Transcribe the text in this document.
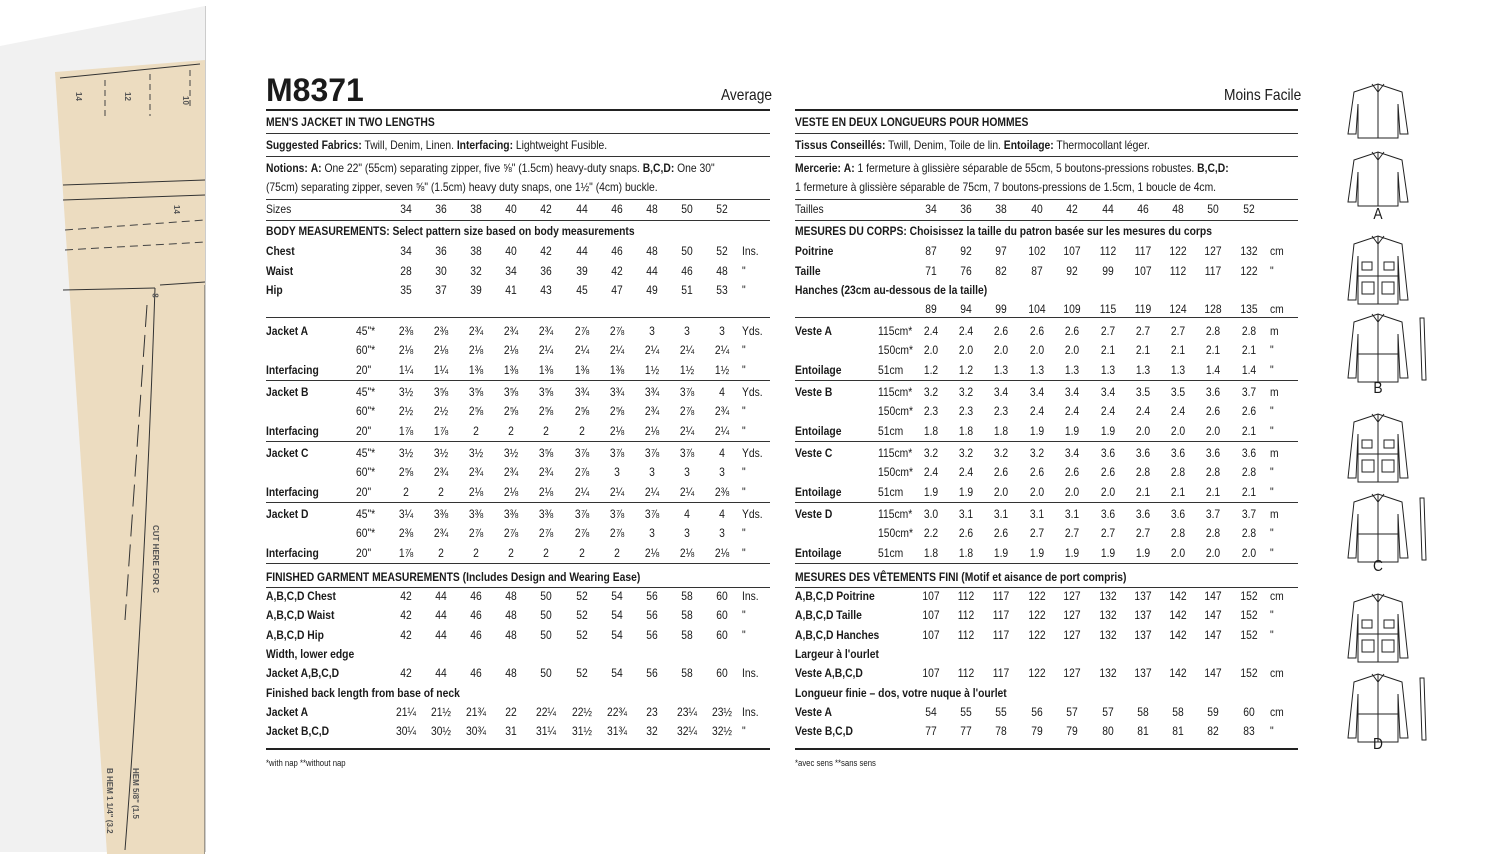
14	12	10
14
8
CUT HERE FOR C
B HEM 1 1/4" (3.2 HEM 5/8" (1.5
M8371	Average
MEN'S JACKET IN TWO LENGTHS
Suggested Fabrics: Twill, Denim, Linen. Interfacing: Lightweight Fusible.
Notions: A: One 22" (55cm) separating zipper, five ⅝" (1.5cm) heavy-duty snaps. B,C,D: One 30"
(75cm) separating zipper, seven ⅝" (1.5cm) heavy duty snaps, one 1½" (4cm) buckle.
Moins Facile
VESTE EN DEUX LONGUEURS POUR HOMMES
Tissus Conseillés: Twill, Denim, Toile de lin. Entoilage: Thermocollant léger.
Mercerie: A: 1 fermeture à glissière séparable de 55cm, 5 boutons-pressions robustes. B,C,D:
1 fermeture à glissière séparable de 75cm, 7 boutons-pressions de 1.5cm, 1 boucle de 4cm.
Sizes	34 36 38 40 42 44 46 48 50 52
BODY MEASUREMENTS: Select pattern size based on body measurements
Chest	34 36 38 40 42 44 46 48 50 52 Ins.
Waist	28 30 32 34 36 39 42 44 46 48 "
Hip	35 37 39 41 43 45 47 49 51 53 "
Jacket A	45"* 2⅜ 2⅜ 2¾ 2¾ 2¾ 2⅞ 2⅞ 3 3 3 Yds.
60"* 2⅛ 2⅛ 2⅛ 2⅛ 2¼ 2¼ 2¼ 2¼ 2¼ 2¼ "
Interfacing	20" 1¼ 1¼ 1⅜ 1⅜ 1⅜ 1⅜ 1⅜ 1½ 1½ 1½ "
Jacket B	45"* 3½ 3⅝ 3⅝ 3⅝ 3⅝ 3¾ 3¾ 3¾ 3⅞ 4 Yds.
60"* 2½ 2½ 2⅝ 2⅝ 2⅝ 2⅝ 2⅝ 2¾ 2⅞ 2¾ "
Interfacing	20" 1⅞ 1⅞ 2 2 2	2 2⅛ 2⅛ 2¼ 2¼ "
Jacket C	45"* 3½ 3½ 3½ 3½ 3⅝ 3⅞ 3⅞ 3⅞ 3⅞ 4 Yds.
60"* 2⅝ 2¾ 2¾ 2¾ 2¾ 2⅞ 3 3 3 3 "
Interfacing	20"	2 2 2⅛ 2⅛ 2⅛ 2¼ 2¼ 2¼ 2¼ 2⅜ "
Jacket D	45"* 3¼ 3⅜ 3⅜ 3⅜ 3⅜ 3⅞ 3⅞ 3⅞ 4 4 Yds.
60"* 2⅜ 2¾ 2⅞ 2⅞ 2⅞ 2⅞ 2⅞ 3 3 3 "
Interfacing	20" 1⅞ 2 2 2 2	2 2 2⅛ 2⅛ 2⅛ "
FINISHED GARMENT MEASUREMENTS (Includes Design and Wearing Ease)
A,B,C,D Chest	42 44 46 48 50 52 54 56 58 60 Ins.
A,B,C,D Waist	42 44 46 48 50 52 54 56 58 60 "
A,B,C,D Hip	42 44 46 48 50 52 54 56 58 60 "
Width, lower edge
Jacket A,B,C,D	42 44 46 48 50 52 54 56 58 60 Ins.
Finished back length from base of neck
Jacket A	21¼ 21½ 21¾ 22 22¼ 22½ 22¾ 23 23¼ 23½ Ins.
Jacket B,C,D	30¼ 30½ 30¾ 31 31¼ 31½ 31¾ 32 32¼ 32½ "
*with nap **without nap
Tailles	34 36 38 40 42 44 46 48 50 52
MESURES DU CORPS: Choisissez la taille du patron basée sur les mesures du corps
Poitrine	87 92 97 102 107 112 117 122 127 132 cm
Taille	71 76 82 87 92 99 107 112 117 122 "
Hanches (23cm au-dessous de la taille)
89 94 99 104 109 115 119 124 128 135 cm
Veste A	115cm* 2.4 2.4 2.6 2.6 2.6 2.7 2.7 2.7 2.8 2.8 m
150cm* 2.0 2.0 2.0 2.0 2.0 2.1 2.1 2.1 2.1 2.1 "
Entoilage	51cm 1.2 1.2 1.3 1.3 1.3 1.3 1.3 1.3 1.4 1.4 "
Veste B	115cm* 3.2 3.2 3.4 3.4 3.4 3.4 3.5 3.5 3.6 3.7 m
150cm* 2.3 2.3 2.3 2.4 2.4 2.4 2.4 2.4 2.6 2.6 "
Entoilage	51cm 1.8 1.8 1.8 1.9 1.9 1.9 2.0 2.0 2.0 2.1 "
Veste C	115cm* 3.2 3.2 3.2 3.2 3.4 3.6 3.6 3.6 3.6 3.6 m
150cm* 2.4 2.4 2.6 2.6 2.6 2.6 2.8 2.8 2.8 2.8 "
Entoilage	51cm 1.9 1.9 2.0 2.0 2.0 2.0 2.1 2.1 2.1 2.1 "
Veste D	115cm* 3.0 3.1 3.1 3.1 3.1 3.6 3.6 3.6 3.7 3.7 m
150cm* 2.2 2.6 2.6 2.7 2.7 2.7 2.7 2.8 2.8 2.8 "
Entoilage	51cm 1.8 1.8 1.9 1.9 1.9 1.9 1.9 2.0 2.0 2.0 "
MESURES DES VÊTEMENTS FINI (Motif et aisance de port compris)
A,B,C,D Poitrine	107 112 117 122 127 132 137 142 147 152 cm
A,B,C,D Taille	107 112 117 122 127 132 137 142 147 152 "
A,B,C,D Hanches	107 112 117 122 127 132 137 142 147 152 "
Largeur à l'ourlet
Veste A,B,C,D	107 112 117 122 127 132 137 142 147 152 cm
Longueur finie – dos, votre nuque à l'ourlet
Veste A	54 55 55 56 57 57 58 58 59 60 cm
Veste B,C,D	77 77 78 79 79 80 81 81 82 83 "
*avec sens **sans sens
A
B
C
D
